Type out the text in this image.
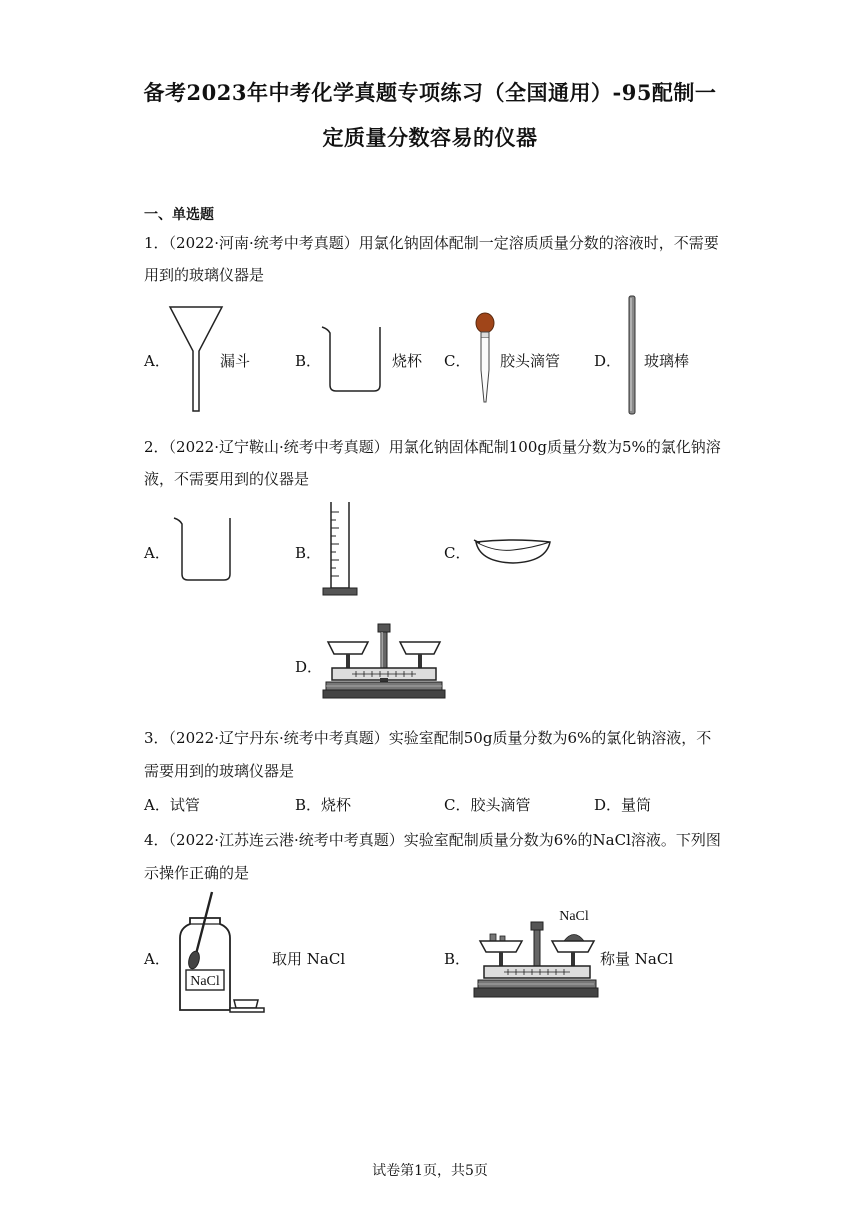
备考2023年中考化学真题专项练习（全国通用）-95配制一
定质量分数容易的仪器
一、单选题
1．（2022·河南·统考中考真题）用氯化钠固体配制一定溶质质量分数的溶液时，不需要
用到的玻璃仪器是
A．	漏斗	B．	烧杯 C． 胶头滴管 D． 玻璃棒
2．（2022·辽宁鞍山·统考中考真题）用氯化钠固体配制100g质量分数为5%的氯化钠溶
液，不需要用到的仪器是
A．	B．	C．
D．
3．（2022·辽宁丹东·统考中考真题）实验室配制50g质量分数为6%的氯化钠溶液，不
需要用到的玻璃仪器是
A．试管	B．烧杯	C．胶头滴管	D．量筒
4．（2022·江苏连云港·统考中考真题）实验室配制质量分数为6%的NaCl溶液。下列图
示操作正确的是
A．
NaCl
取用 NaCl	B．
NaCl
称量 NaCl
试卷第1页，共5页
